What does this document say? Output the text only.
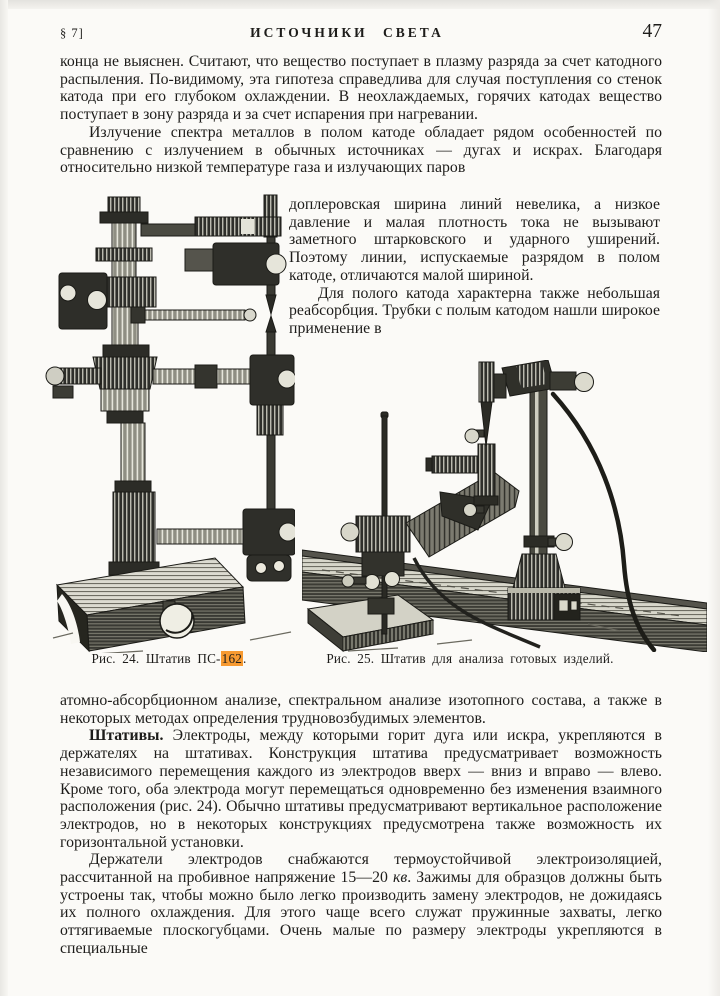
§ 7]	ИСТОЧНИКИ СВЕТА	47

конца не выяснен. Считают, что вещество поступает в плазму разряда за счет катодного распыления. По-видимому, эта гипотеза справедлива для случая поступления со стенок катода при его глубоком охлаждении. В неохлаждаемых, горячих катодах вещество поступает в зону разряда и за счет испарения при нагревании.

Излучение спектра металлов в полом катоде обладает рядом особенностей по сравнению с излучением в обычных источниках — дугах и искрах. Благодаря относительно низкой температуре газа и излучающих паров

доплеровская ширина линий невелика, а низкое давление и малая плотность тока не вызывают заметного штарковского и ударного уширений. Поэтому линии, испускаемые разрядом в полом катоде, отличаются малой шириной.

Для полого катода характерна также небольшая реабсорбция. Трубки с полым катодом нашли широкое применение в

Рис. 24. Штатив ПС-162.	Рис. 25. Штатив для анализа готовых изделий.

атомно-абсорбционном анализе, спектральном анализе изотопного состава, а также в некоторых методах определения трудновозбудимых элементов.

Штативы. Электроды, между которыми горит дуга или искра, укрепляются в держателях на штативах. Конструкция штатива предусматривает возможность независимого перемещения каждого из электродов вверх — вниз и вправо — влево. Кроме того, оба электрода могут перемещаться одновременно без изменения взаимного расположения (рис. 24). Обычно штативы предусматривают вертикальное расположение электродов, но в некоторых конструкциях предусмотрена также возможность их горизонтальной установки.

Держатели электродов снабжаются термоустойчивой электроизоляцией, рассчитанной на пробивное напряжение 15—20 кв. Зажимы для образцов должны быть устроены так, чтобы можно было легко производить замену электродов, не дожидаясь их полного охлаждения. Для этого чаще всего служат пружинные захваты, легко оттягиваемые плоскогубцами. Очень малые по размеру электроды укрепляются в специальные
